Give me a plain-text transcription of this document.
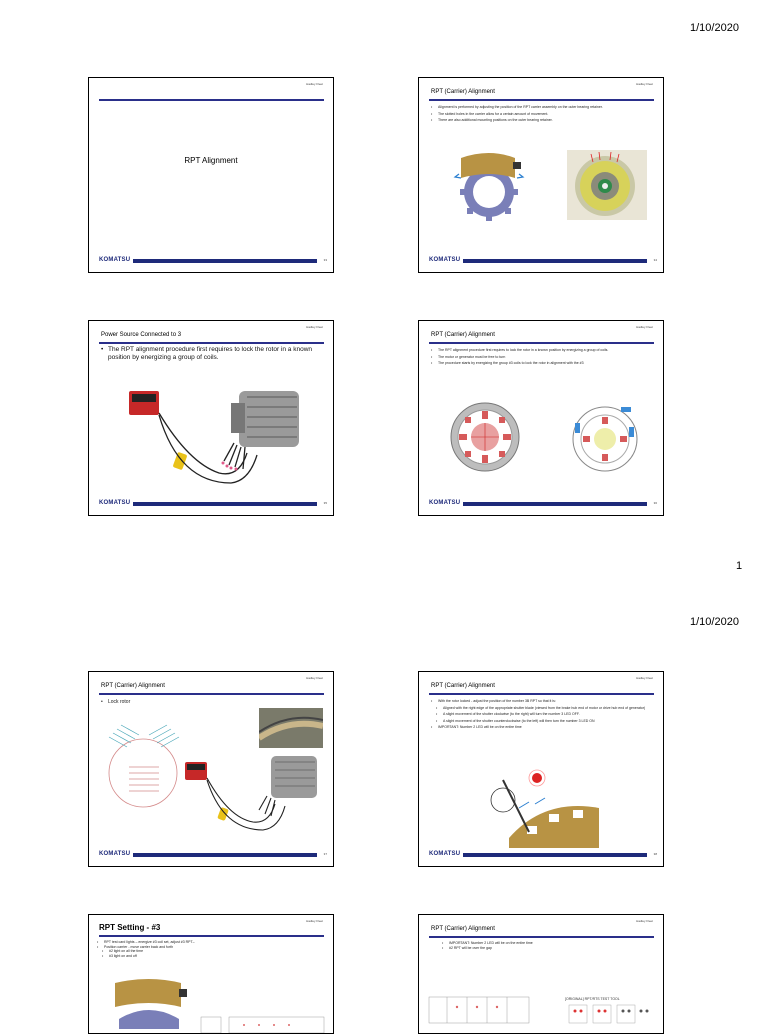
1/10/2020
Hadley Fleet
RPT Alignment
KOMATSU	33
Hadley Fleet
RPT (Carrier) Alignment
• Alignment is performed by adjusting the position of the RPT carrier assembly on the outer bearing retainer.
• The slotted holes in the carrier allow for a certain amount of movement.
• There are also additional mounting positions on the outer bearing retainer.
KOMATSU	34
Hadley Fleet
Power Source Connected to 3
• The RPT alignment procedure first requires to lock the rotor in a known position by energizing a group of coils.
KOMATSU	35
Hadley Fleet
RPT (Carrier) Alignment
• The RPT alignment procedure first requires to lock the rotor in a known position by energizing a group of coils.
• The motor or generator must be free to turn
• The procedure starts by energizing the group #3 coils to lock the rotor in alignment with the #3
KOMATSU	36
1
1/10/2020
Hadley Fleet
RPT (Carrier) Alignment
• Lock rotor
KOMATSU	37
Hadley Fleet
RPT (Carrier) Alignment
• With the rotor locked - adjust the position of the number 3B RPT so that it is:
• Aligned with the right edge of the appropriate shutter blade (viewed from the brake hub end of motor or drive hub end of generator)
• A slight movement of the shutter clockwise (to the right) will turn the number 3 LED OFF.
• A slight movement of the shutter counterclockwise (to the left) will then turn the number 3 LED ON
• IMPORTANT: Number 2 LED will be on the entire time
KOMATSU	38
Hadley Fleet
RPT Setting - #3
• RPT test card lights – energize #3 coil set, adjust #3 RPT–
• Position carrier - move carrier back and forth
• #2 light on all the time
• #3 light on and off
Hadley Fleet
RPT (Carrier) Alignment
• IMPORTANT: Number 2 LED will be on the entire time
• #2 RPT will be over the gap
[ORIGINAL] RPT/RTS TEST TOOL
